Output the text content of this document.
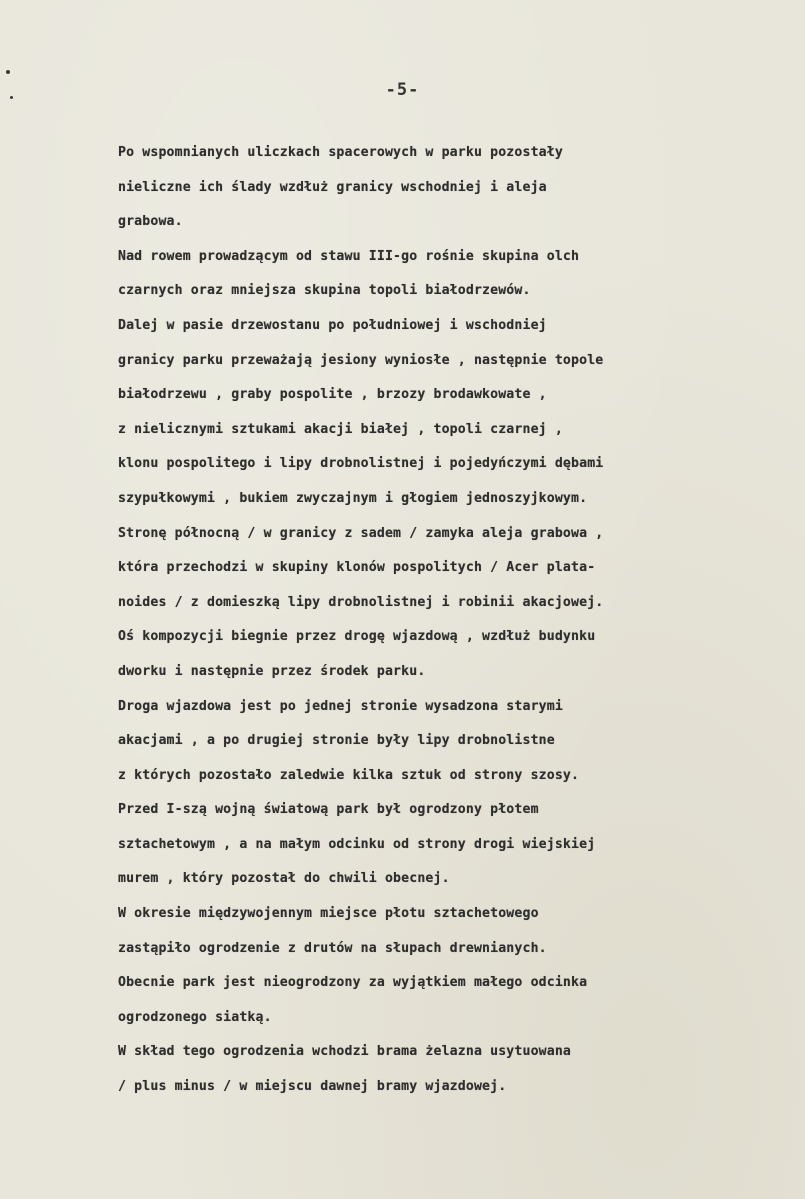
-5-
Po wspomnianych uliczkach spacerowych w parku pozostały
nieliczne ich ślady wzdłuż granicy wschodniej i aleja
grabowa.
Nad rowem prowadzącym od stawu III-go rośnie skupina olch
czarnych oraz mniejsza skupina topoli białodrzewów.
Dalej w pasie drzewostanu po południowej i wschodniej
granicy parku przeważają jesiony wyniosłe , następnie topole
białodrzewu , graby pospolite , brzozy brodawkowate ,
z nielicznymi sztukami akacji białej , topoli czarnej ,
klonu pospolitego i lipy drobnolistnej i pojedyńczymi dębami
szypułkowymi , bukiem zwyczajnym i głogiem jednoszyjkowym.
Stronę północną / w granicy z sadem / zamyka aleja grabowa ,
która przechodzi w skupiny klonów pospolitych / Acer plata-
noides / z domieszką lipy drobnolistnej i robinii akacjowej.
Oś kompozycji biegnie przez drogę wjazdową , wzdłuż budynku
dworku i następnie przez środek parku.
Droga wjazdowa jest po jednej stronie wysadzona starymi
akacjami , a po drugiej stronie były lipy drobnolistne
z których pozostało zaledwie kilka sztuk od strony szosy.
Przed I-szą wojną światową park był ogrodzony płotem
sztachetowym , a na małym odcinku od strony drogi wiejskiej
murem , który pozostał do chwili obecnej.
W okresie międzywojennym miejsce płotu sztachetowego
zastąpiło ogrodzenie z drutów na słupach drewnianych.
Obecnie park jest nieogrodzony za wyjątkiem małego odcinka
ogrodzonego siatką.
W skład tego ogrodzenia wchodzi brama żelazna usytuowana
/ plus minus / w miejscu dawnej bramy wjazdowej.
